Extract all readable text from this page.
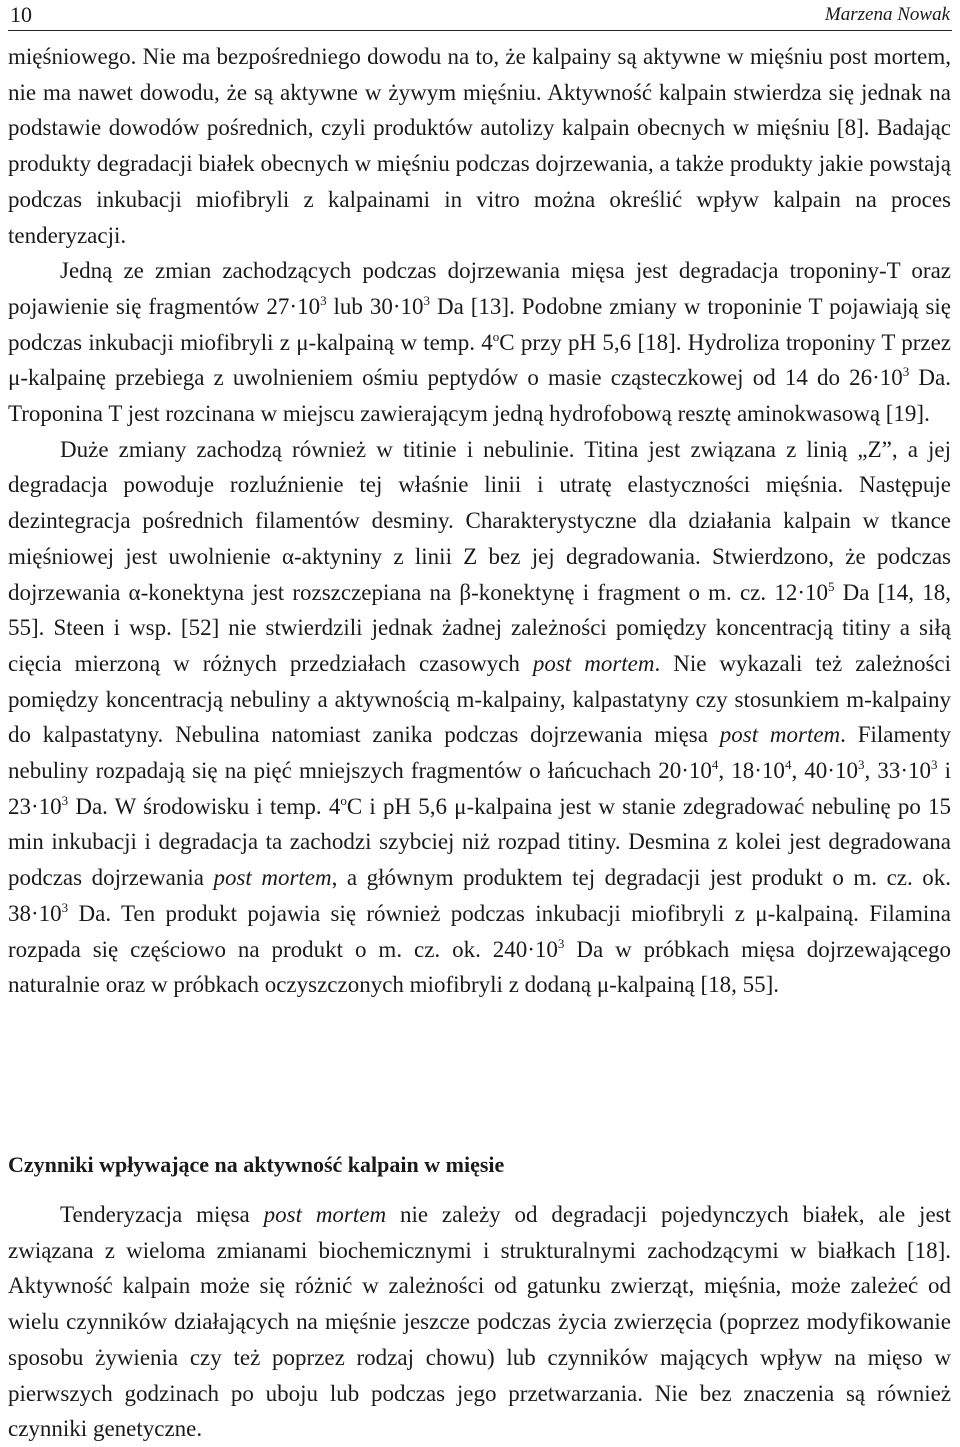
10	Marzena Nowak

mięśniowego. Nie ma bezpośredniego dowodu na to, że kalpainy są aktywne w mięśniu post mortem, nie ma nawet dowodu, że są aktywne w żywym mięśniu. Aktywność kalpain stwierdza się jednak na podstawie dowodów pośrednich, czyli produktów autolizy kalpain obecnych w mięśniu [8]. Badając produkty degradacji białek obecnych w mięśniu podczas dojrzewania, a także produkty jakie powstają podczas inkubacji miofibryli z kalpainami in vitro można określić wpływ kalpain na proces tenderyzacji.

Jedną ze zmian zachodzących podczas dojrzewania mięsa jest degradacja troponiny-T oraz pojawienie się fragmentów $27\cdot 10^3$ lub $30\cdot 10^3$ Da [13]. Podobne zmiany w troponinie T pojawiają się podczas inkubacji miofibryli z μ-kalpainą w temp. 4$^o$C przy pH 5,6 [18]. Hydroliza troponiny T przez μ-kalpainę przebiega z uwolnieniem ośmiu peptydów o masie cząsteczkowej od 14 do $26\cdot 10^3$ Da. Troponina T jest rozcinana w miejscu zawierającym jedną hydrofobową resztę aminokwasową [19].

Duże zmiany zachodzą również w titinie i nebulinie. Titina jest związana z linią „Z”, a jej degradacja powoduje rozluźnienie tej właśnie linii i utratę elastyczności mięśnia. Następuje dezintegracja pośrednich filamentów desminy. Charakterystyczne dla działania kalpain w tkance mięśniowej jest uwolnienie α-aktyniny z linii Z bez jej degradowania. Stwierdzono, że podczas dojrzewania α-konektyna jest rozszczepiana na β-konektynę i fragment o m. cz. $12\cdot 10^5$ Da [14, 18, 55]. Steen i wsp. [52] nie stwierdzili jednak żadnej zależności pomiędzy koncentracją titiny a siłą cięcia mierzoną w różnych przedziałach czasowych post mortem. Nie wykazali też zależności pomiędzy koncentracją nebuliny a aktywnością m-kalpainy, kalpastatyny czy stosunkiem m-kalpainy do kalpastatyny. Nebulina natomiast zanika podczas dojrzewania mięsa post mortem. Filamenty nebuliny rozpadają się na pięć mniejszych fragmentów o łańcuchach $20\cdot 10^4$, $18\cdot 10^4$, $40\cdot 10^3$, $33\cdot 10^3$ i $23\cdot 10^3$ Da. W środowisku i temp. 4$^o$C i pH 5,6 μ-kalpaina jest w stanie zdegradować nebulinę po 15 min inkubacji i degradacja ta zachodzi szybciej niż rozpad titiny. Desmina z kolei jest degradowana podczas dojrzewania post mortem, a głównym produktem tej degradacji jest produkt o m. cz. ok. $38\cdot 10^3$ Da. Ten produkt pojawia się również podczas inkubacji miofibryli z μ-kalpainą. Filamina rozpada się częściowo na produkt o m. cz. ok. $240\cdot 10^3$ Da w próbkach mięsa dojrzewającego naturalnie oraz w próbkach oczyszczonych miofibryli z dodaną μ-kalpainą [18, 55].

Czynniki wpływające na aktywność kalpain w mięsie

Tenderyzacja mięsa post mortem nie zależy od degradacji pojedynczych białek, ale jest związana z wieloma zmianami biochemicznymi i strukturalnymi zachodzącymi w białkach [18]. Aktywność kalpain może się różnić w zależności od gatunku zwierząt, mięśnia, może zależeć od wielu czynników działających na mięśnie jeszcze podczas życia zwierzęcia (poprzez modyfikowanie sposobu żywienia czy też poprzez rodzaj chowu) lub czynników mających wpływ na mięso w pierwszych godzinach po uboju lub podczas jego przetwarzania. Nie bez znaczenia są również czynniki genetyczne.
